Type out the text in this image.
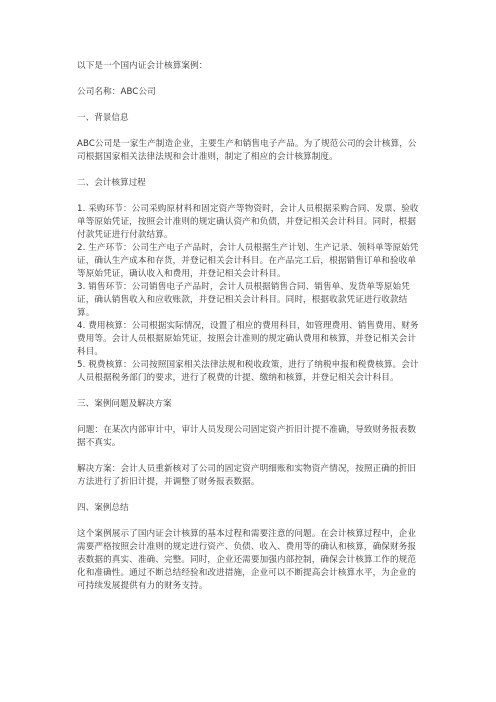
以下是一个国内证会计核算案例：

公司名称：ABC公司

一、背景信息

ABC公司是一家生产制造企业，主要生产和销售电子产品。为了规范公司的会计核算，公司根据国家相关法律法规和会计准则，制定了相应的会计核算制度。

二、会计核算过程

1. 采购环节：公司采购原材料和固定资产等物资时，会计人员根据采购合同、发票、验收单等原始凭证，按照会计准则的规定确认资产和负债，并登记相关会计科目。同时，根据付款凭证进行付款结算。

2. 生产环节：公司生产电子产品时，会计人员根据生产计划、生产记录、领料单等原始凭证，确认生产成本和存货，并登记相关会计科目。在产品完工后，根据销售订单和验收单等原始凭证，确认收入和费用，并登记相关会计科目。

3. 销售环节：公司销售电子产品时，会计人员根据销售合同、销售单、发货单等原始凭证，确认销售收入和应收账款，并登记相关会计科目。同时，根据收款凭证进行收款结算。

4. 费用核算：公司根据实际情况，设置了相应的费用科目，如管理费用、销售费用、财务费用等。会计人员根据原始凭证，按照会计准则的规定确认费用和核算，并登记相关会计科目。

5. 税费核算：公司按照国家相关法律法规和税收政策，进行了纳税申报和税费核算。会计人员根据税务部门的要求，进行了税费的计提、缴纳和核算，并登记相关会计科目。

三、案例问题及解决方案

问题：在某次内部审计中，审计人员发现公司固定资产折旧计提不准确，导致财务报表数据不真实。

解决方案：会计人员重新核对了公司的固定资产明细账和实物资产情况，按照正确的折旧方法进行了折旧计提，并调整了财务报表数据。

四、案例总结

这个案例展示了国内证会计核算的基本过程和需要注意的问题。在会计核算过程中，企业需要严格按照会计准则的规定进行资产、负债、收入、费用等的确认和核算，确保财务报表数据的真实、准确、完整。同时，企业还需要加强内部控制，确保会计核算工作的规范化和准确性。通过不断总结经验和改进措施，企业可以不断提高会计核算水平，为企业的可持续发展提供有力的财务支持。
